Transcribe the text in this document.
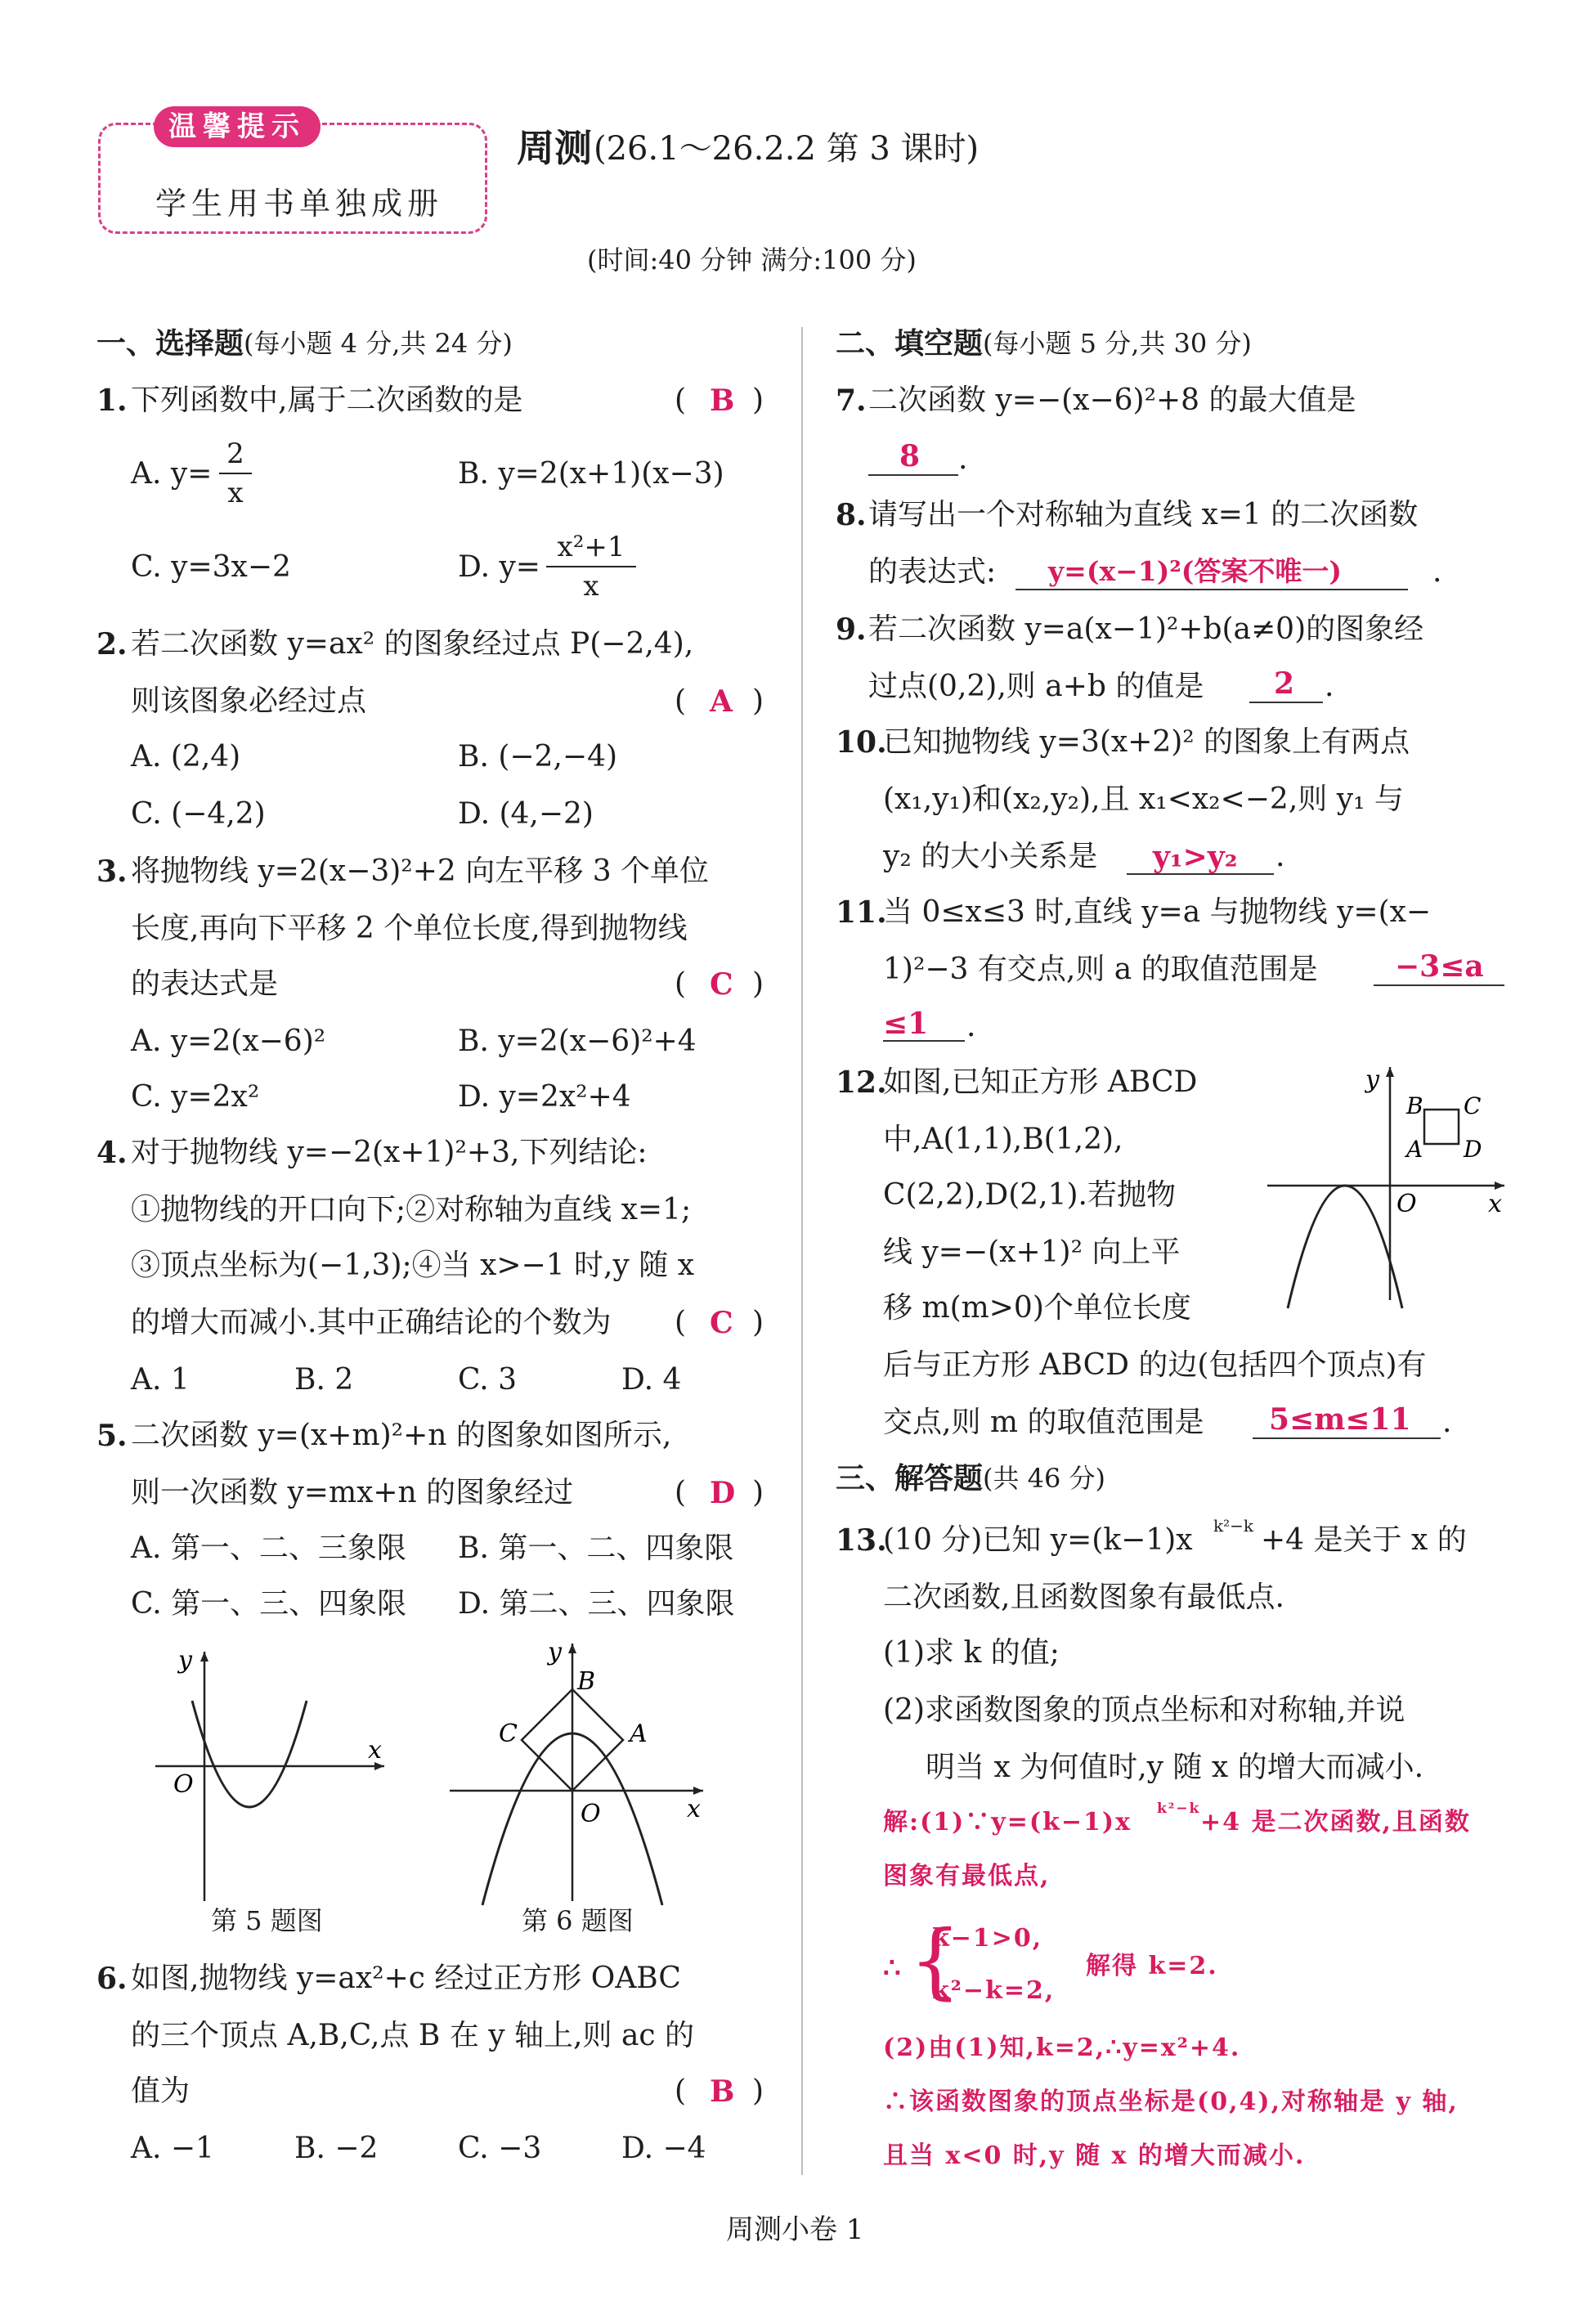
温馨提示
学生用书单独成册
周测 (26.1～26.2.2 第 3 课时)
(时间:40 分钟 满分:100 分)
一、选择题 (每小题 4 分,共 24 分)
1. 下列函数中,属于二次函数的是	( B )
A. y=
2
x
B. y=2(x+1)(x−3)
C. y=3x−2	D. y=
x²+1
x
2. 若二次函数 y=ax² 的图象经过点 P(−2,4),
则该图象必经过点	( A )
A. (2,4)	B. (−2,−4)
C. (−4,2)	D. (4,−2)
3. 将抛物线 y=2(x−3)²+2 向左平移 3 个单位
长度,再向下平移 2 个单位长度,得到抛物线
的表达式是	( C )
A. y=2(x−6)²	B. y=2(x−6)²+4
C. y=2x²	D. y=2x²+4
4. 对于抛物线 y=−2(x+1)²+3,下列结论:
①抛物线的开口向下;②对称轴为直线 x=1;
③顶点坐标为(−1,3);④当 x>−1 时,y 随 x
的增大而减小.其中正确结论的个数为 ( C )
A. 1	B. 2	C. 3	D. 4
5. 二次函数 y=(x+m)²+n 的图象如图所示,
则一次函数 y=mx+n 的图象经过	( D )
A. 第一、二、三象限 B. 第一、二、四象限
C. 第一、三、四象限 D. 第二、三、四象限
y
x
O
第 5 题图
y
x
O
A
B
C
第 6 题图
6. 如图,抛物线 y=ax²+c 经过正方形 OABC
的三个顶点 A,B,C,点 B 在 y 轴上,则 ac 的
值为	( B )
A. −1	B. −2	C. −3	D. −4
二、填空题 (每小题 5 分,共 30 分)
7. 二次函数 y=−(x−6)²+8 的最大值是
8 .
8. 请写出一个对称轴为直线 x=1 的二次函数
的表达式: y=(x−1)²(答案不唯一)	.
9. 若二次函数 y=a(x−1)²+b(a≠0)的图象经
过点(0,2),则 a+b 的值是 2 .
10.
已知抛物线 y=3(x+2)² 的图象上有两点
(x₁,y₁)和(x₂,y₂),且 x₁<x₂<−2,则 y₁ 与
y₂ 的大小关系是 y₁>y₂ .
11.
当 0≤x≤3 时,直线 y=a 与抛物线 y=(x−
1)²−3 有交点,则 a 的取值范围是	−3≤a
≤1 .
12.
如图,已知正方形 ABCD
中,A(1,1),B(1,2),
C(2,2),D(2,1).若抛物
线 y=−(x+1)² 向上平
移 m(m>0)个单位长度
后与正方形 ABCD 的边(包括四个顶点)有
交点,则 m 的取值范围是 5≤m≤11 .
y
x
O
A
B C
D
三、解答题 (共 46 分)
13.
(10 分)已知 y=(k−1)x k²−k +4 是关于 x 的
二次函数,且函数图象有最低点.
(1)求 k 的值;
(2)求函数图象的顶点坐标和对称轴,并说
明当 x 为何值时,y 随 x 的增大而减小.
解:(1)∵y=(k−1)x k²−k +4 是二次函数,且函数
图象有最低点,
∴ {
k−1>0,
k²−k=2,
解得 k=2.
(2)由(1)知,k=2,∴y=x²+4.
∴该函数图象的顶点坐标是(0,4),对称轴是 y 轴,
且当 x<0 时,y 随 x 的增大而减小.
周测小卷 1
